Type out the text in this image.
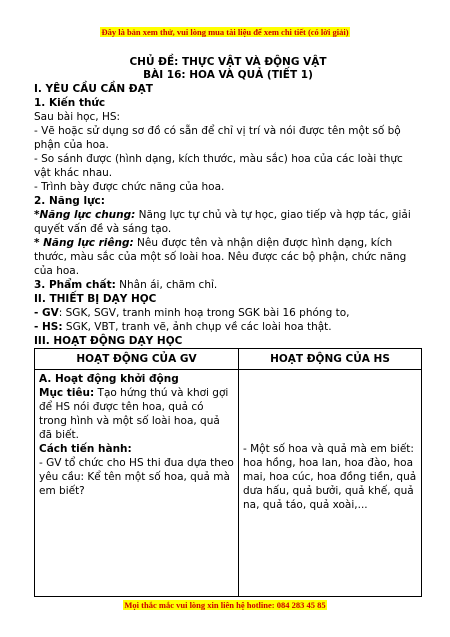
Đây là bản xem thử, vui lòng mua tài liệu để xem chi tiết (có lời giải)
CHỦ ĐỀ: THỰC VẬT VÀ ĐỘNG VẬT
BÀI 16: HOA VÀ QUẢ (TIẾT 1)

I. YÊU CẦU CẦN ĐẠT

1. Kiến thức

Sau bài học, HS:

- Vẽ hoặc sử dụng sơ đồ có sẵn để chỉ vị trí và nói được tên một số bộ phận của hoa.

- So sánh được (hình dạng, kích thước, màu sắc) hoa của các loài thực vật khác nhau.

- Trình bày được chức năng của hoa.

2. Năng lực:

*Năng lực chung: Năng lực tự chủ và tự học, giao tiếp và hợp tác, giải quyết vấn đề và sáng tạo.

* Năng lực riêng: Nêu được tên và nhận diện được hình dạng, kích thước, màu sắc của một số loài hoa. Nêu được các bộ phận, chức năng của hoa.

3. Phẩm chất: Nhân ái, chăm chỉ.

II. THIẾT BỊ DẠY HỌC

- GV: SGK, SGV, tranh minh hoạ trong SGK bài 16 phóng to,

- HS: SGK, VBT, tranh vẽ, ảnh chụp về các loài hoa thật.

III. HOẠT ĐỘNG DẠY HỌC

HOẠT ĐỘNG CỦA GV	HOẠT ĐỘNG CỦA HS

A. Hoạt động khởi động
Mục tiêu: Tạo hứng thú và khơi gợi để HS nói được tên hoa, quả có trong hình và một số loài hoa, quả đã biết.
Cách tiến hành:
- GV tổ chức cho HS thi đua dựa theo yêu cầu: Kể tên một số hoa, quả mà em biết?	- Một số hoa và quả mà em biết: hoa hồng, hoa lan, hoa đào, hoa mai, hoa cúc, hoa đồng tiền, quả dưa hấu, quả bưởi, quả khế, quả na, quả táo, quả xoài,...
Mọi thắc mắc vui lòng xin liên hệ hotline: 084 283 45 85
